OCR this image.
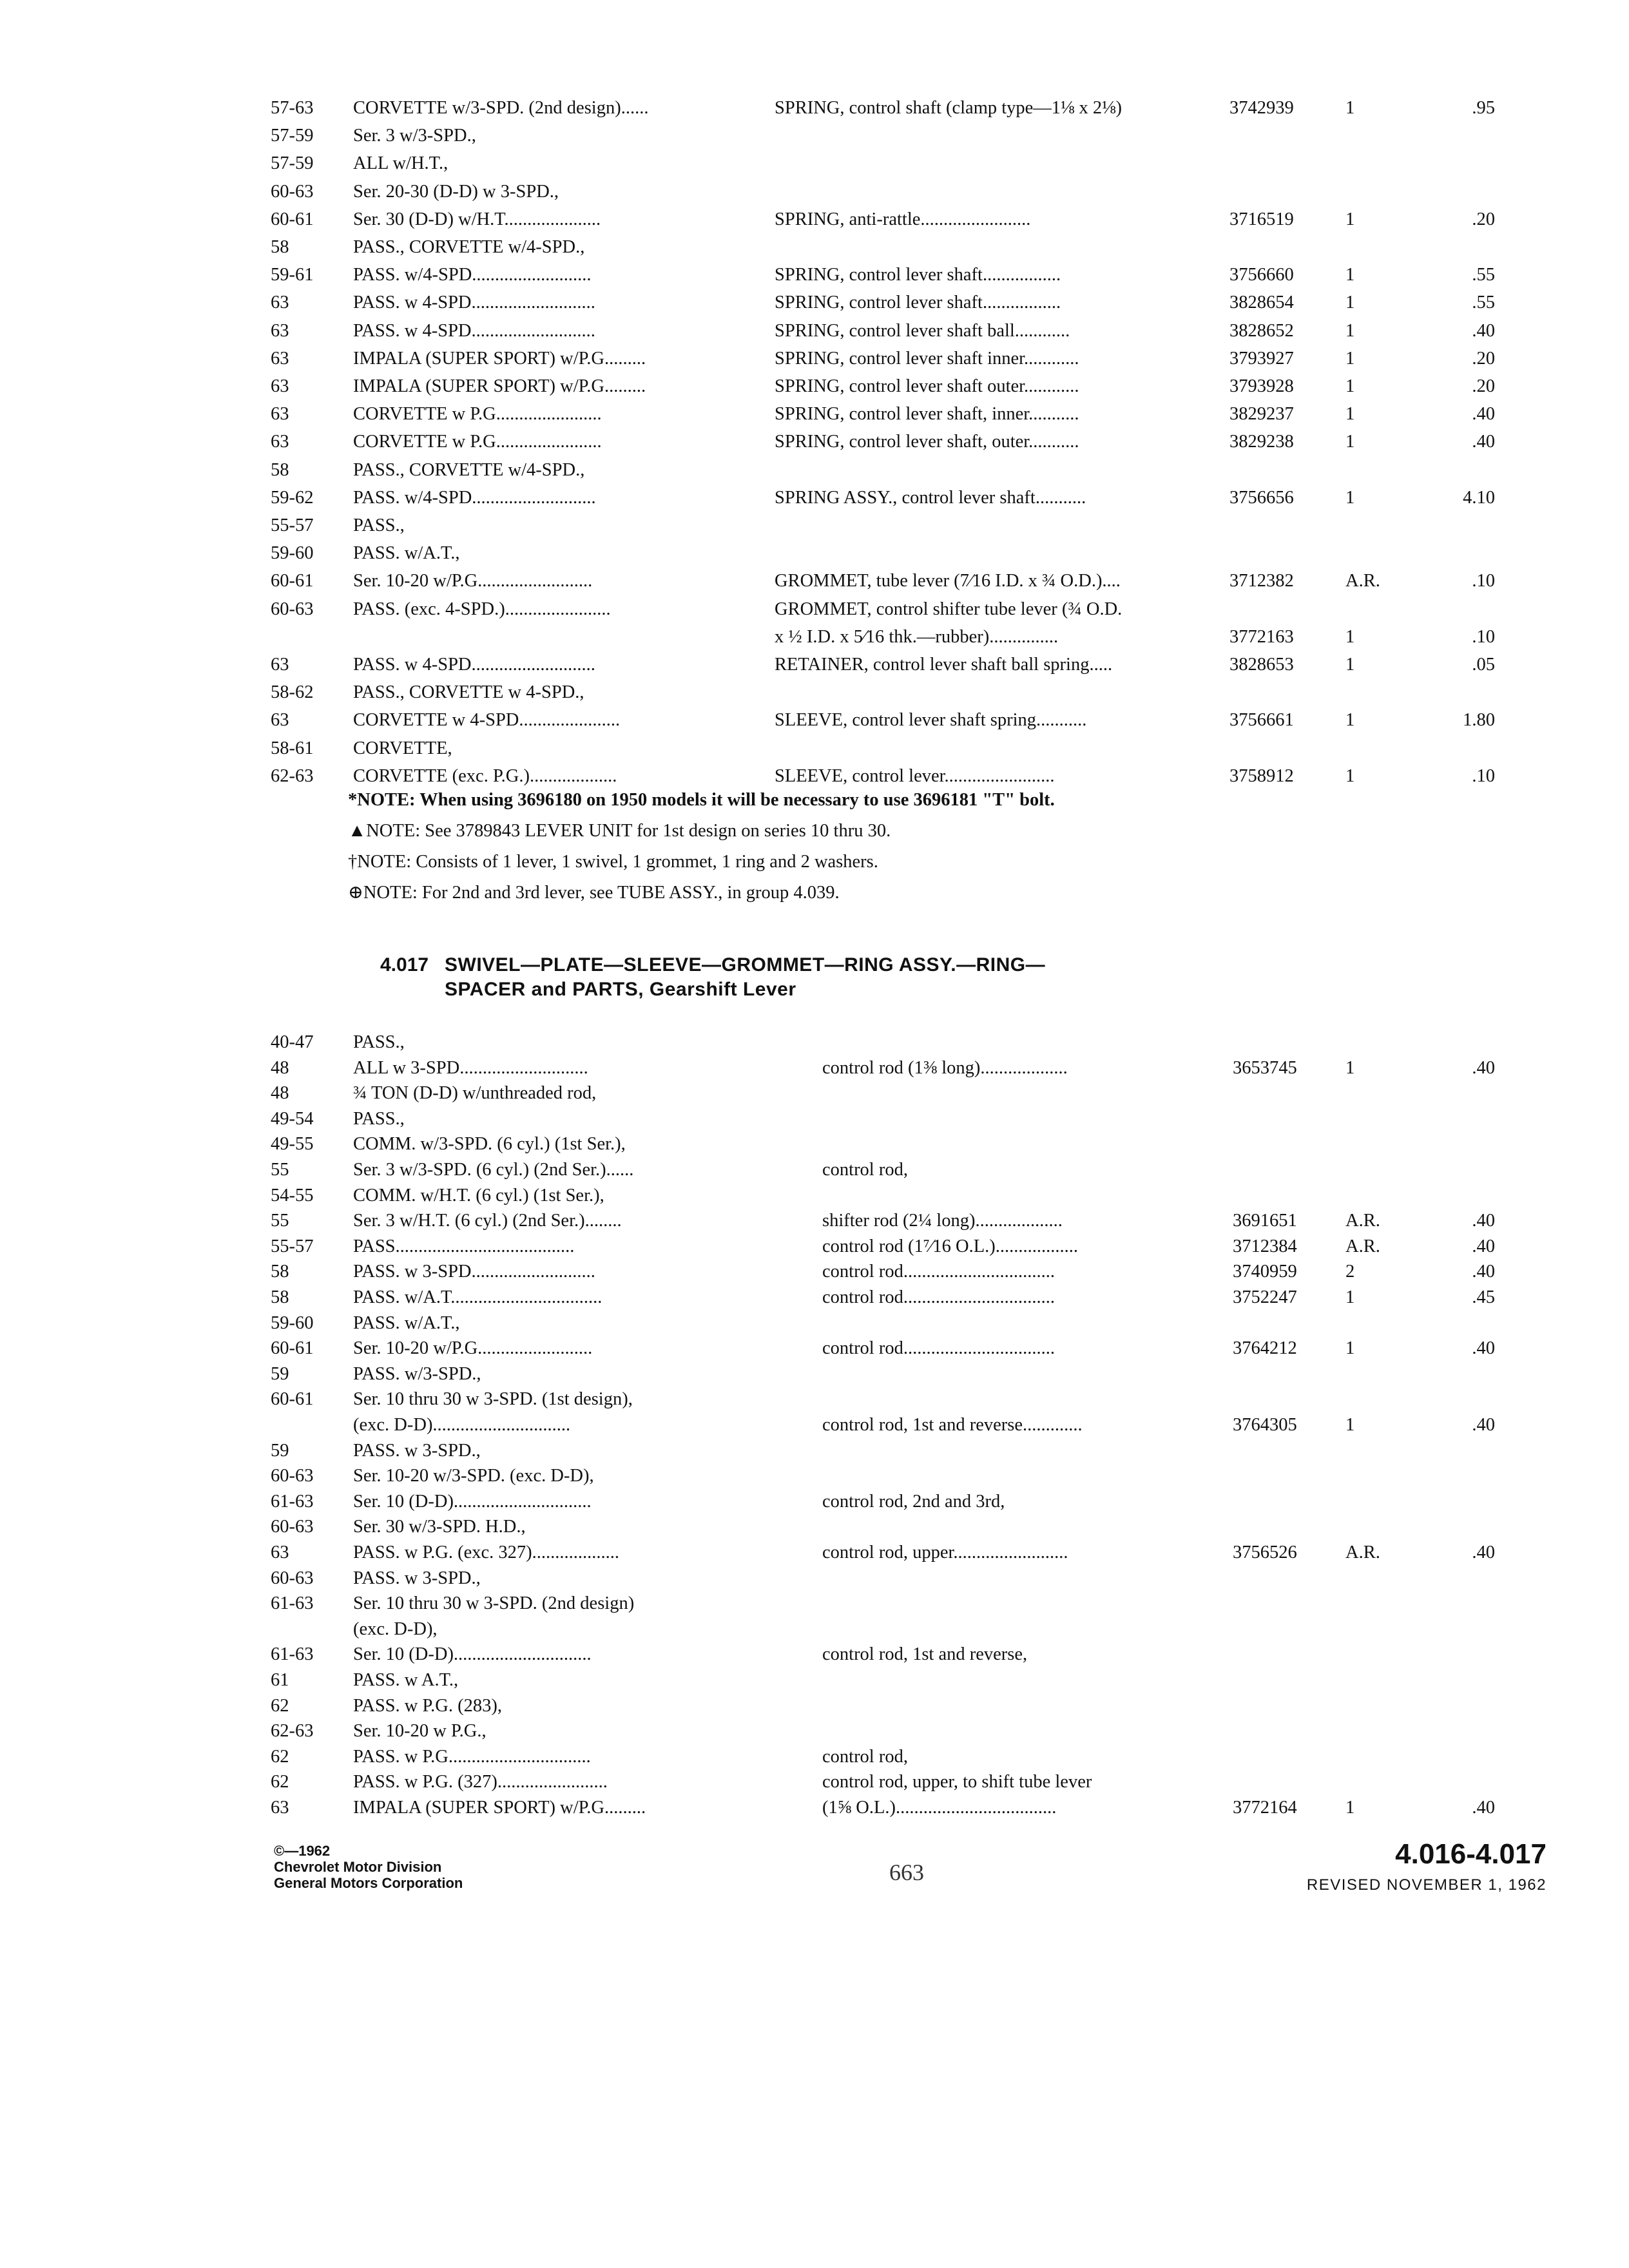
57-63	CORVETTE w/3-SPD. (2nd design)......	SPRING, control shaft (clamp type—1⅛ x 2⅛)	3742939	1	.95
57-59	Ser. 3 w/3-SPD.,
57-59	ALL w/H.T.,
60-63	Ser. 20-30 (D-D) w 3-SPD.,
60-61	Ser. 30 (D-D) w/H.T.....................	SPRING, anti-rattle........................	3716519	1	.20
58	PASS., CORVETTE w/4-SPD.,
59-61	PASS. w/4-SPD..........................	SPRING, control lever shaft.................	3756660	1	.55
63	PASS. w 4-SPD...........................	SPRING, control lever shaft.................	3828654	1	.55
63	PASS. w 4-SPD...........................	SPRING, control lever shaft ball............	3828652	1	.40
63	IMPALA (SUPER SPORT) w/P.G.........	SPRING, control lever shaft inner............	3793927	1	.20
63	IMPALA (SUPER SPORT) w/P.G.........	SPRING, control lever shaft outer............	3793928	1	.20
63	CORVETTE w P.G.......................	SPRING, control lever shaft, inner...........	3829237	1	.40
63	CORVETTE w P.G.......................	SPRING, control lever shaft, outer...........	3829238	1	.40
58	PASS., CORVETTE w/4-SPD.,
59-62	PASS. w/4-SPD...........................	SPRING ASSY., control lever shaft...........	3756656	1	4.10
55-57	PASS.,
59-60	PASS. w/A.T.,
60-61	Ser. 10-20 w/P.G.........................	GROMMET, tube lever (7⁄16 I.D. x ¾ O.D.)....	3712382	A.R.	.10
60-63	PASS. (exc. 4-SPD.).......................	GROMMET, control shifter tube lever (¾ O.D.
x ½ I.D. x 5⁄16 thk.—rubber)...............	3772163	1	.10
63	PASS. w 4-SPD...........................	RETAINER, control lever shaft ball spring.....	3828653	1	.05
58-62	PASS., CORVETTE w 4-SPD.,
63	CORVETTE w 4-SPD......................	SLEEVE, control lever shaft spring...........	3756661	1	1.80
58-61	CORVETTE,
62-63	CORVETTE (exc. P.G.)...................	SLEEVE, control lever........................	3758912	1	.10
*NOTE: When using 3696180 on 1950 models it will be necessary to use 3696181 "T" bolt.
▲NOTE: See 3789843 LEVER UNIT for 1st design on series 10 thru 30.
†NOTE: Consists of 1 lever, 1 swivel, 1 grommet, 1 ring and 2 washers.
⊕NOTE: For 2nd and 3rd lever, see TUBE ASSY., in group 4.039.
4.017 SWIVEL—PLATE—SLEEVE—GROMMET—RING ASSY.—RING—
SPACER and PARTS, Gearshift Lever
40-47	PASS.,
48	ALL w 3-SPD............................	control rod (1⅜ long)...................	3653745	1	.40
48	¾ TON (D-D) w/unthreaded rod,
49-54	PASS.,
49-55	COMM. w/3-SPD. (6 cyl.) (1st Ser.),
55	Ser. 3 w/3-SPD. (6 cyl.) (2nd Ser.)......	control rod,
54-55	COMM. w/H.T. (6 cyl.) (1st Ser.),
55	Ser. 3 w/H.T. (6 cyl.) (2nd Ser.)........	shifter rod (2¼ long)...................	3691651	A.R.	.40
55-57	PASS.......................................	control rod (1⁷⁄16 O.L.)..................	3712384	A.R.	.40
58	PASS. w 3-SPD...........................	control rod.................................	3740959	2	.40
58	PASS. w/A.T.................................	control rod.................................	3752247	1	.45
59-60	PASS. w/A.T.,
60-61	Ser. 10-20 w/P.G.........................	control rod.................................	3764212	1	.40
59	PASS. w/3-SPD.,
60-61	Ser. 10 thru 30 w 3-SPD. (1st design),
(exc. D-D)..............................	control rod, 1st and reverse.............	3764305	1	.40
59	PASS. w 3-SPD.,
60-63	Ser. 10-20 w/3-SPD. (exc. D-D),
61-63	Ser. 10 (D-D)..............................	control rod, 2nd and 3rd,
60-63	Ser. 30 w/3-SPD. H.D.,
63	PASS. w P.G. (exc. 327)...................	control rod, upper.........................	3756526	A.R.	.40
60-63	PASS. w 3-SPD.,
61-63	Ser. 10 thru 30 w 3-SPD. (2nd design)
(exc. D-D),
61-63	Ser. 10 (D-D)..............................	control rod, 1st and reverse,
61	PASS. w A.T.,
62	PASS. w P.G. (283),
62-63	Ser. 10-20 w P.G.,
62	PASS. w P.G...............................	control rod,
62	PASS. w P.G. (327)........................	control rod, upper, to shift tube lever
63	IMPALA (SUPER SPORT) w/P.G.........	(1⅝ O.L.)...................................	3772164	1	.40
©—1962
Chevrolet Motor Division
General Motors Corporation	663
4.016-4.017
REVISED NOVEMBER 1, 1962
